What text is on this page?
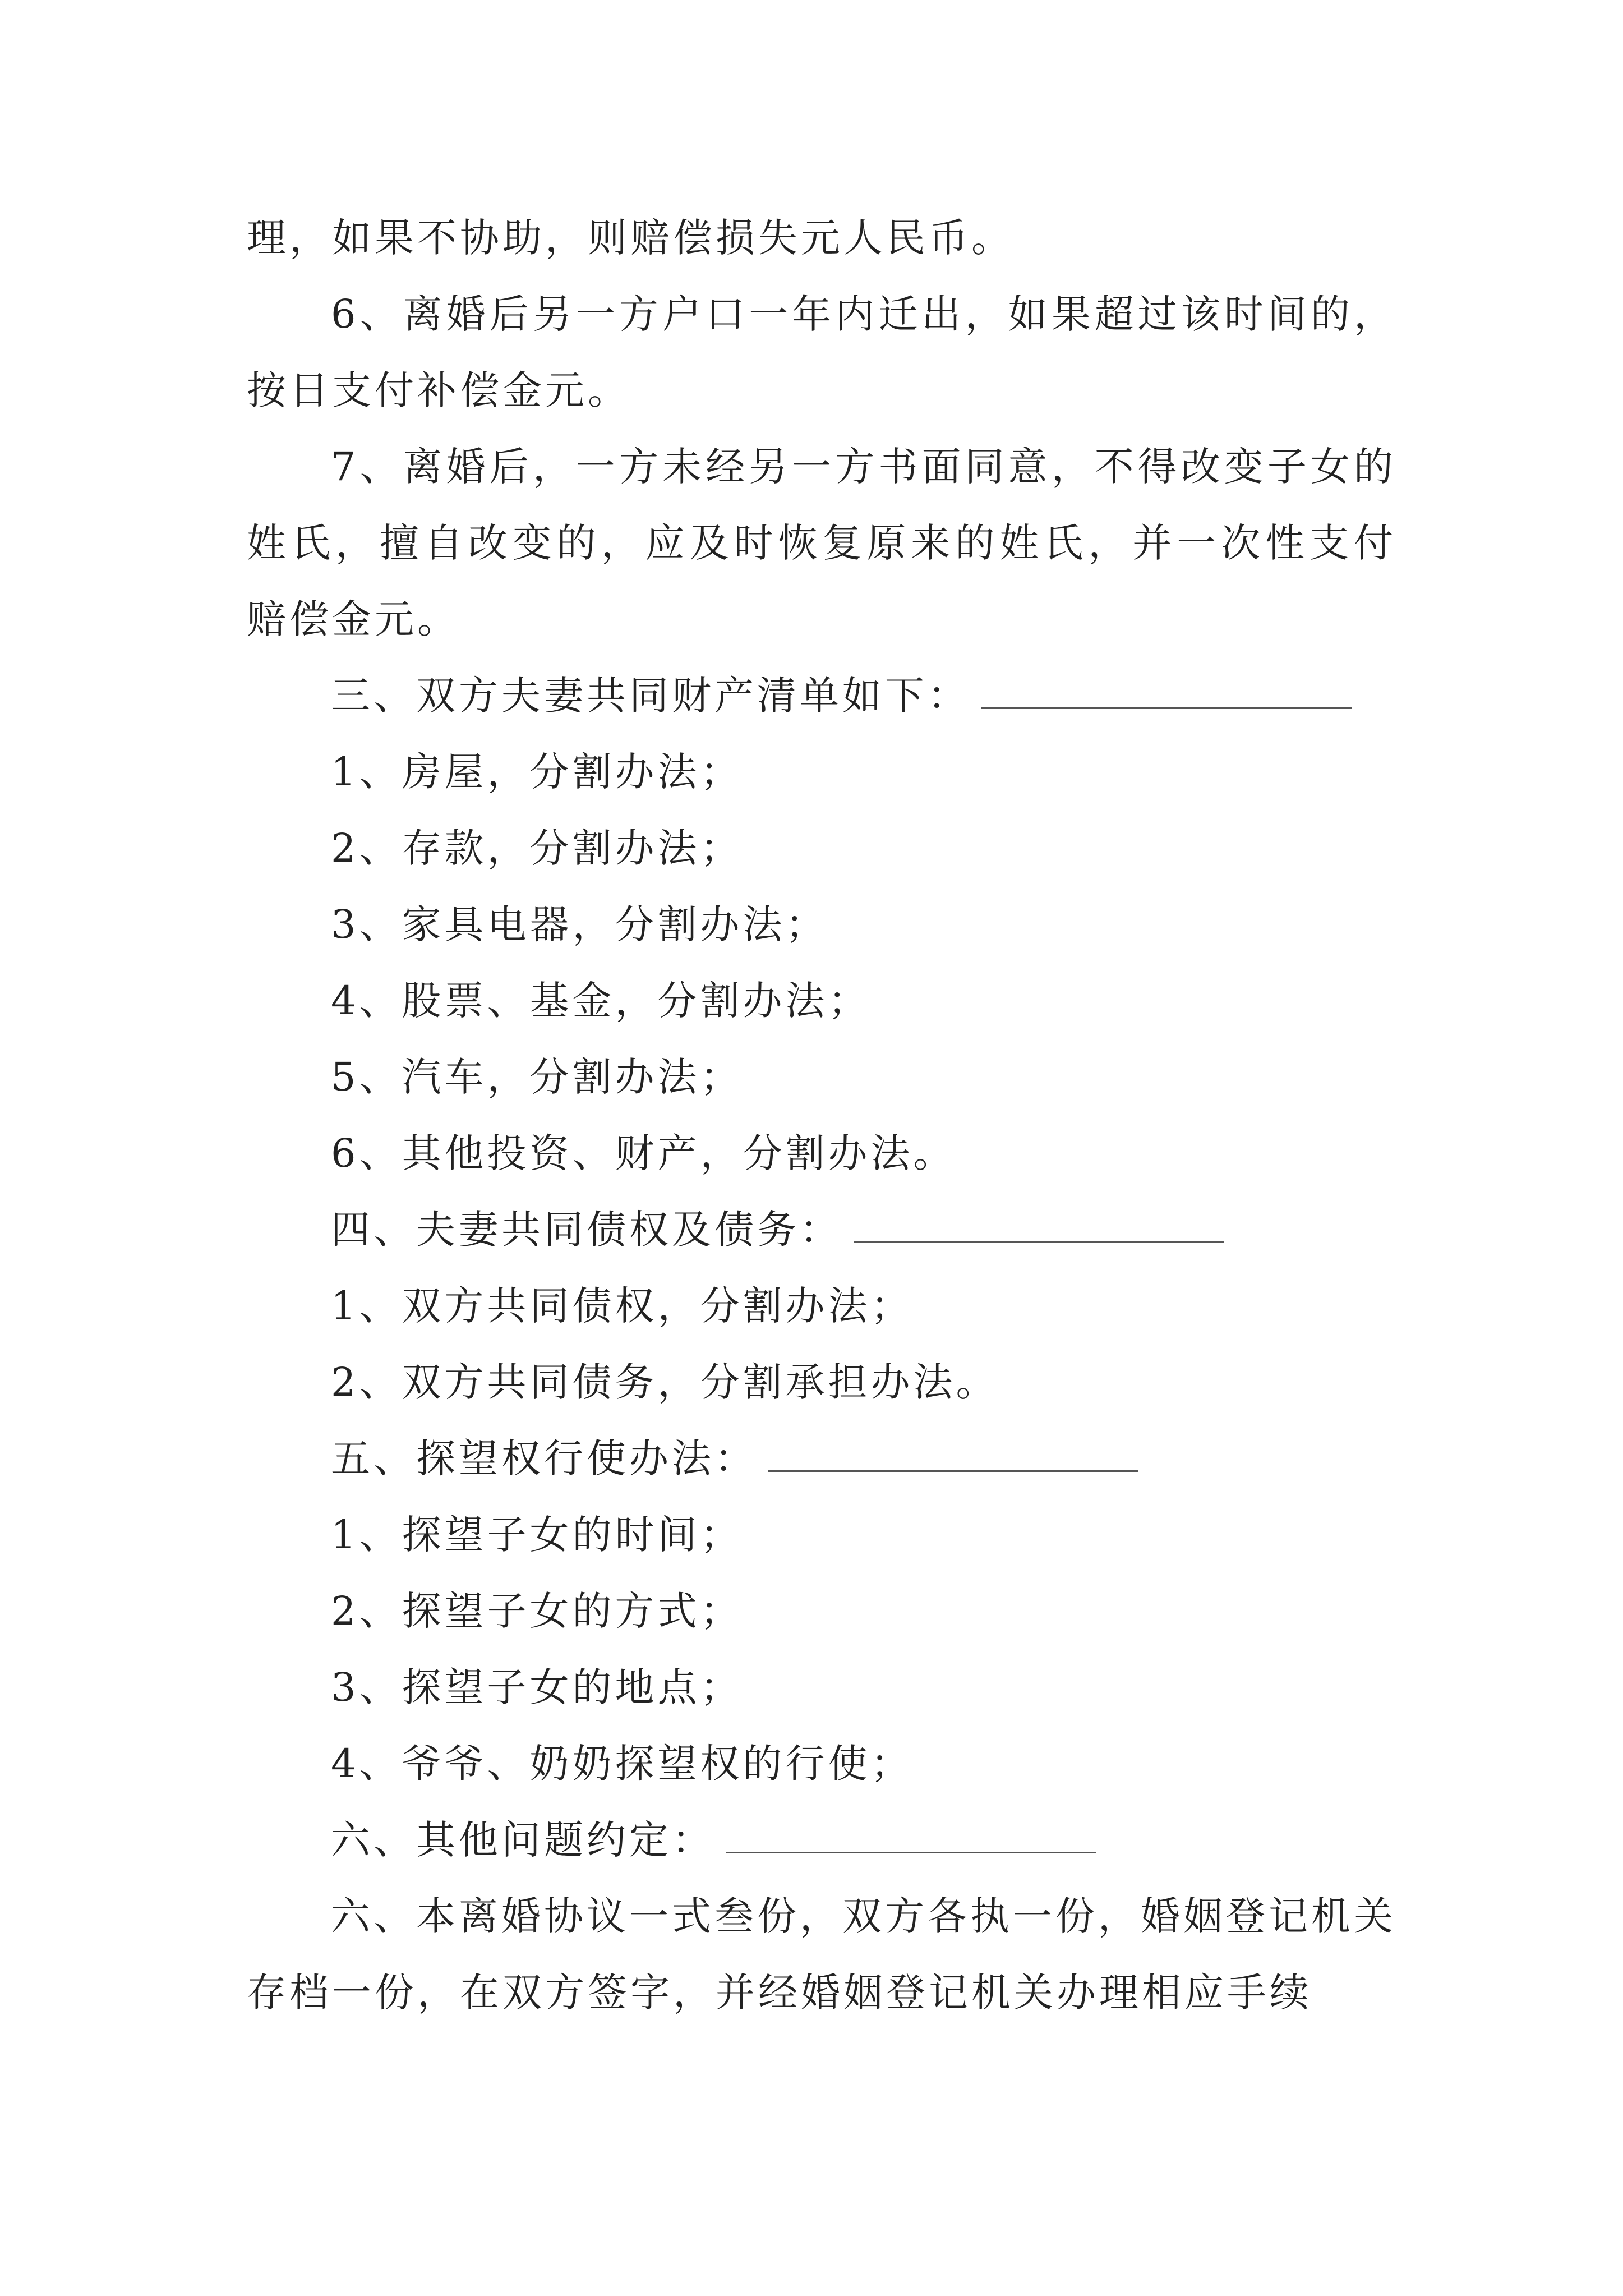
理，如果不协助，则赔偿损失元人民币。

6、离婚后另一方户口一年内迁出，如果超过该时间的，按日支付补偿金元。

7、离婚后，一方未经另一方书面同意，不得改变子女的姓氏，擅自改变的，应及时恢复原来的姓氏，并一次性支付赔偿金元。

三、双方夫妻共同财产清单如下：

1、房屋，分割办法；

2、存款，分割办法；

3、家具电器，分割办法；

4、股票、基金，分割办法；

5、汽车，分割办法；

6、其他投资、财产，分割办法。

四、夫妻共同债权及债务：

1、双方共同债权，分割办法；

2、双方共同债务，分割承担办法。

五、探望权行使办法：

1、探望子女的时间；

2、探望子女的方式；

3、探望子女的地点；

4、爷爷、奶奶探望权的行使；

六、其他问题约定：

六、本离婚协议一式叁份，双方各执一份，婚姻登记机关存档一份，在双方签字，并经婚姻登记机关办理相应手续
